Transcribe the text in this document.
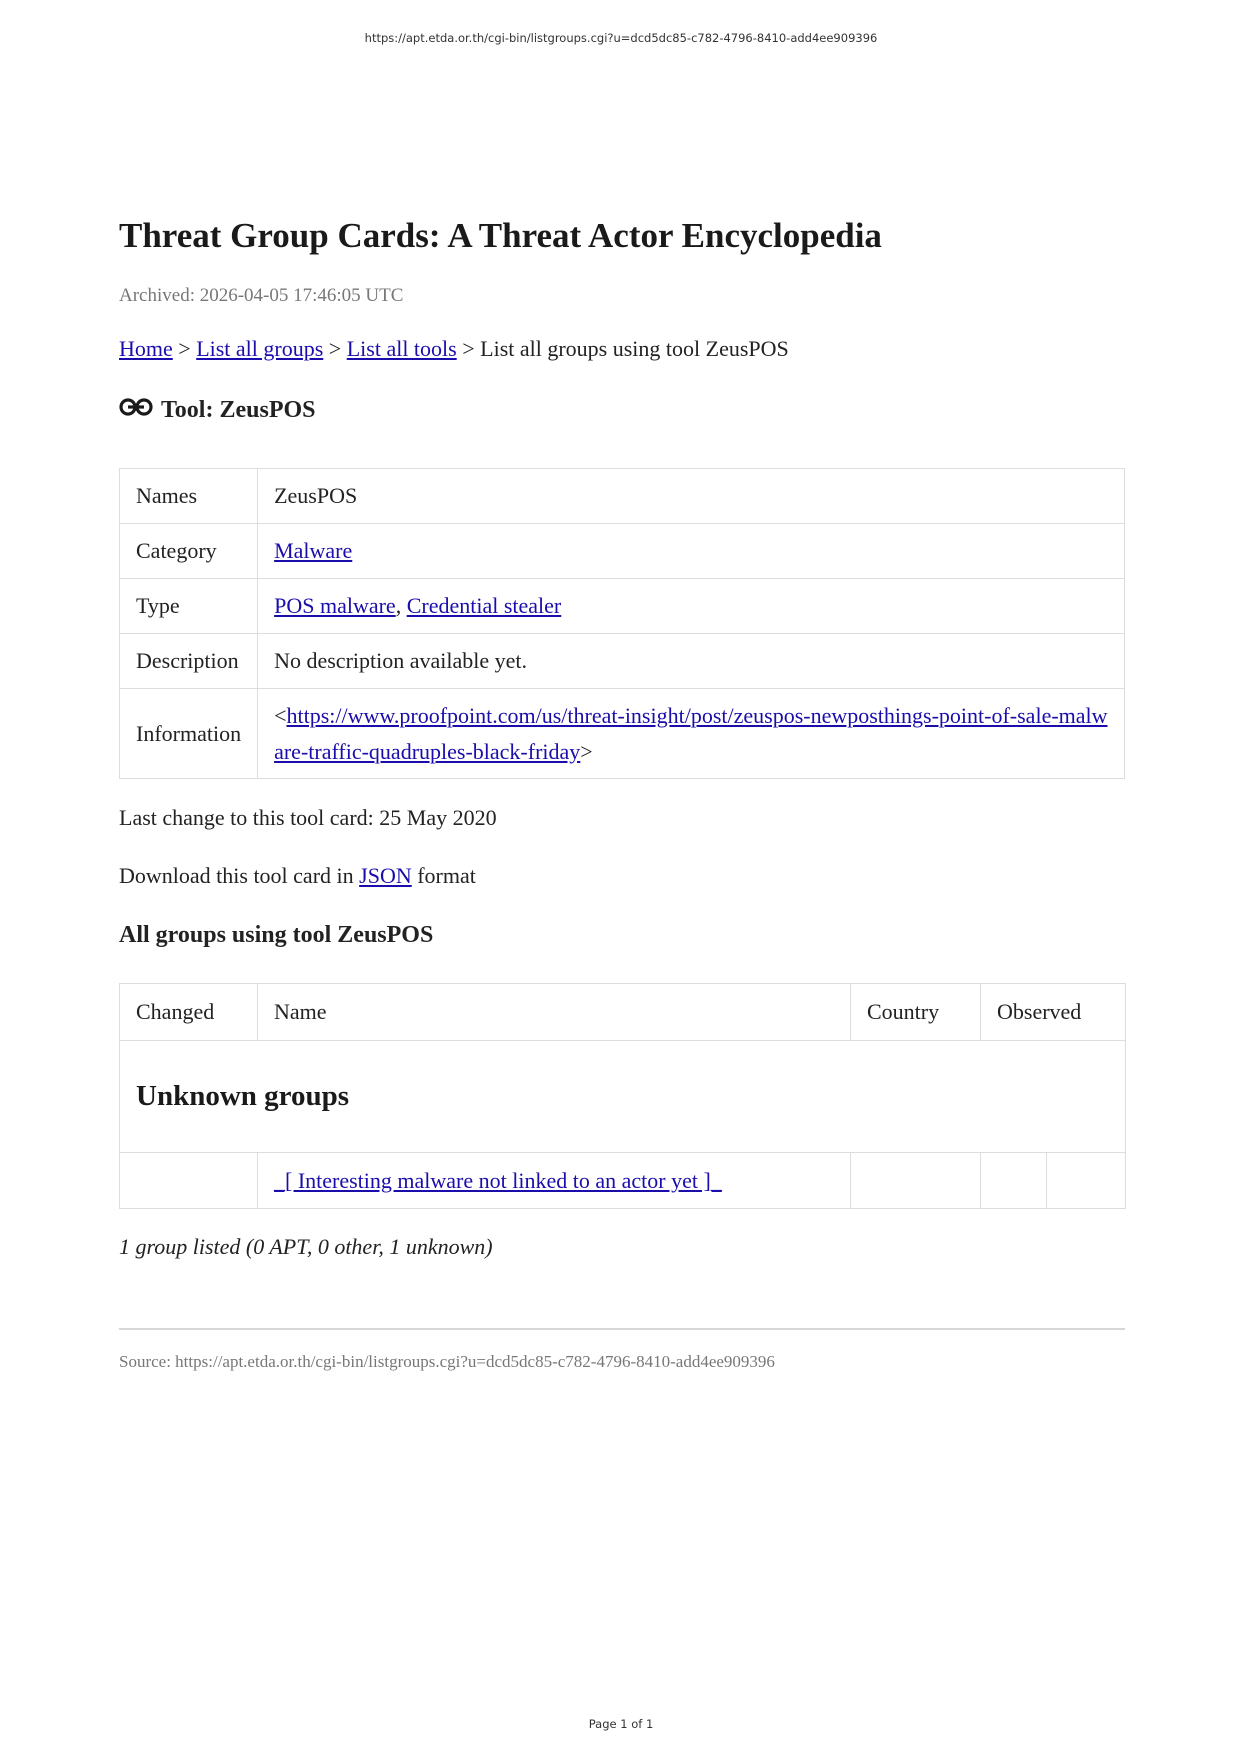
https://apt.etda.or.th/cgi-bin/listgroups.cgi?u=dcd5dc85-c782-4796-8410-add4ee909396
Threat Group Cards: A Threat Actor Encyclopedia
Archived: 2026-04-05 17:46:05 UTC
Home > List all groups > List all tools > List all groups using tool ZeusPOS
Tool: ZeusPOS
Names	ZeusPOS
Category	Malware
Type	POS malware, Credential stealer
Description	No description available yet.
Information	<https://www.proofpoint.com/us/threat-insight/post/zeuspos-newposthings-point-of-sale-malware-traffic-quadruples-black-friday>
Last change to this tool card: 25 May 2020
Download this tool card in JSON format
All groups using tool ZeusPOS
Changed	Name	Country	Observed	
Unknown groups				
	_[ Interesting malware not linked to an actor yet ]_			
1 group listed (0 APT, 0 other, 1 unknown)
Source: https://apt.etda.or.th/cgi-bin/listgroups.cgi?u=dcd5dc85-c782-4796-8410-add4ee909396
Page 1 of 1
